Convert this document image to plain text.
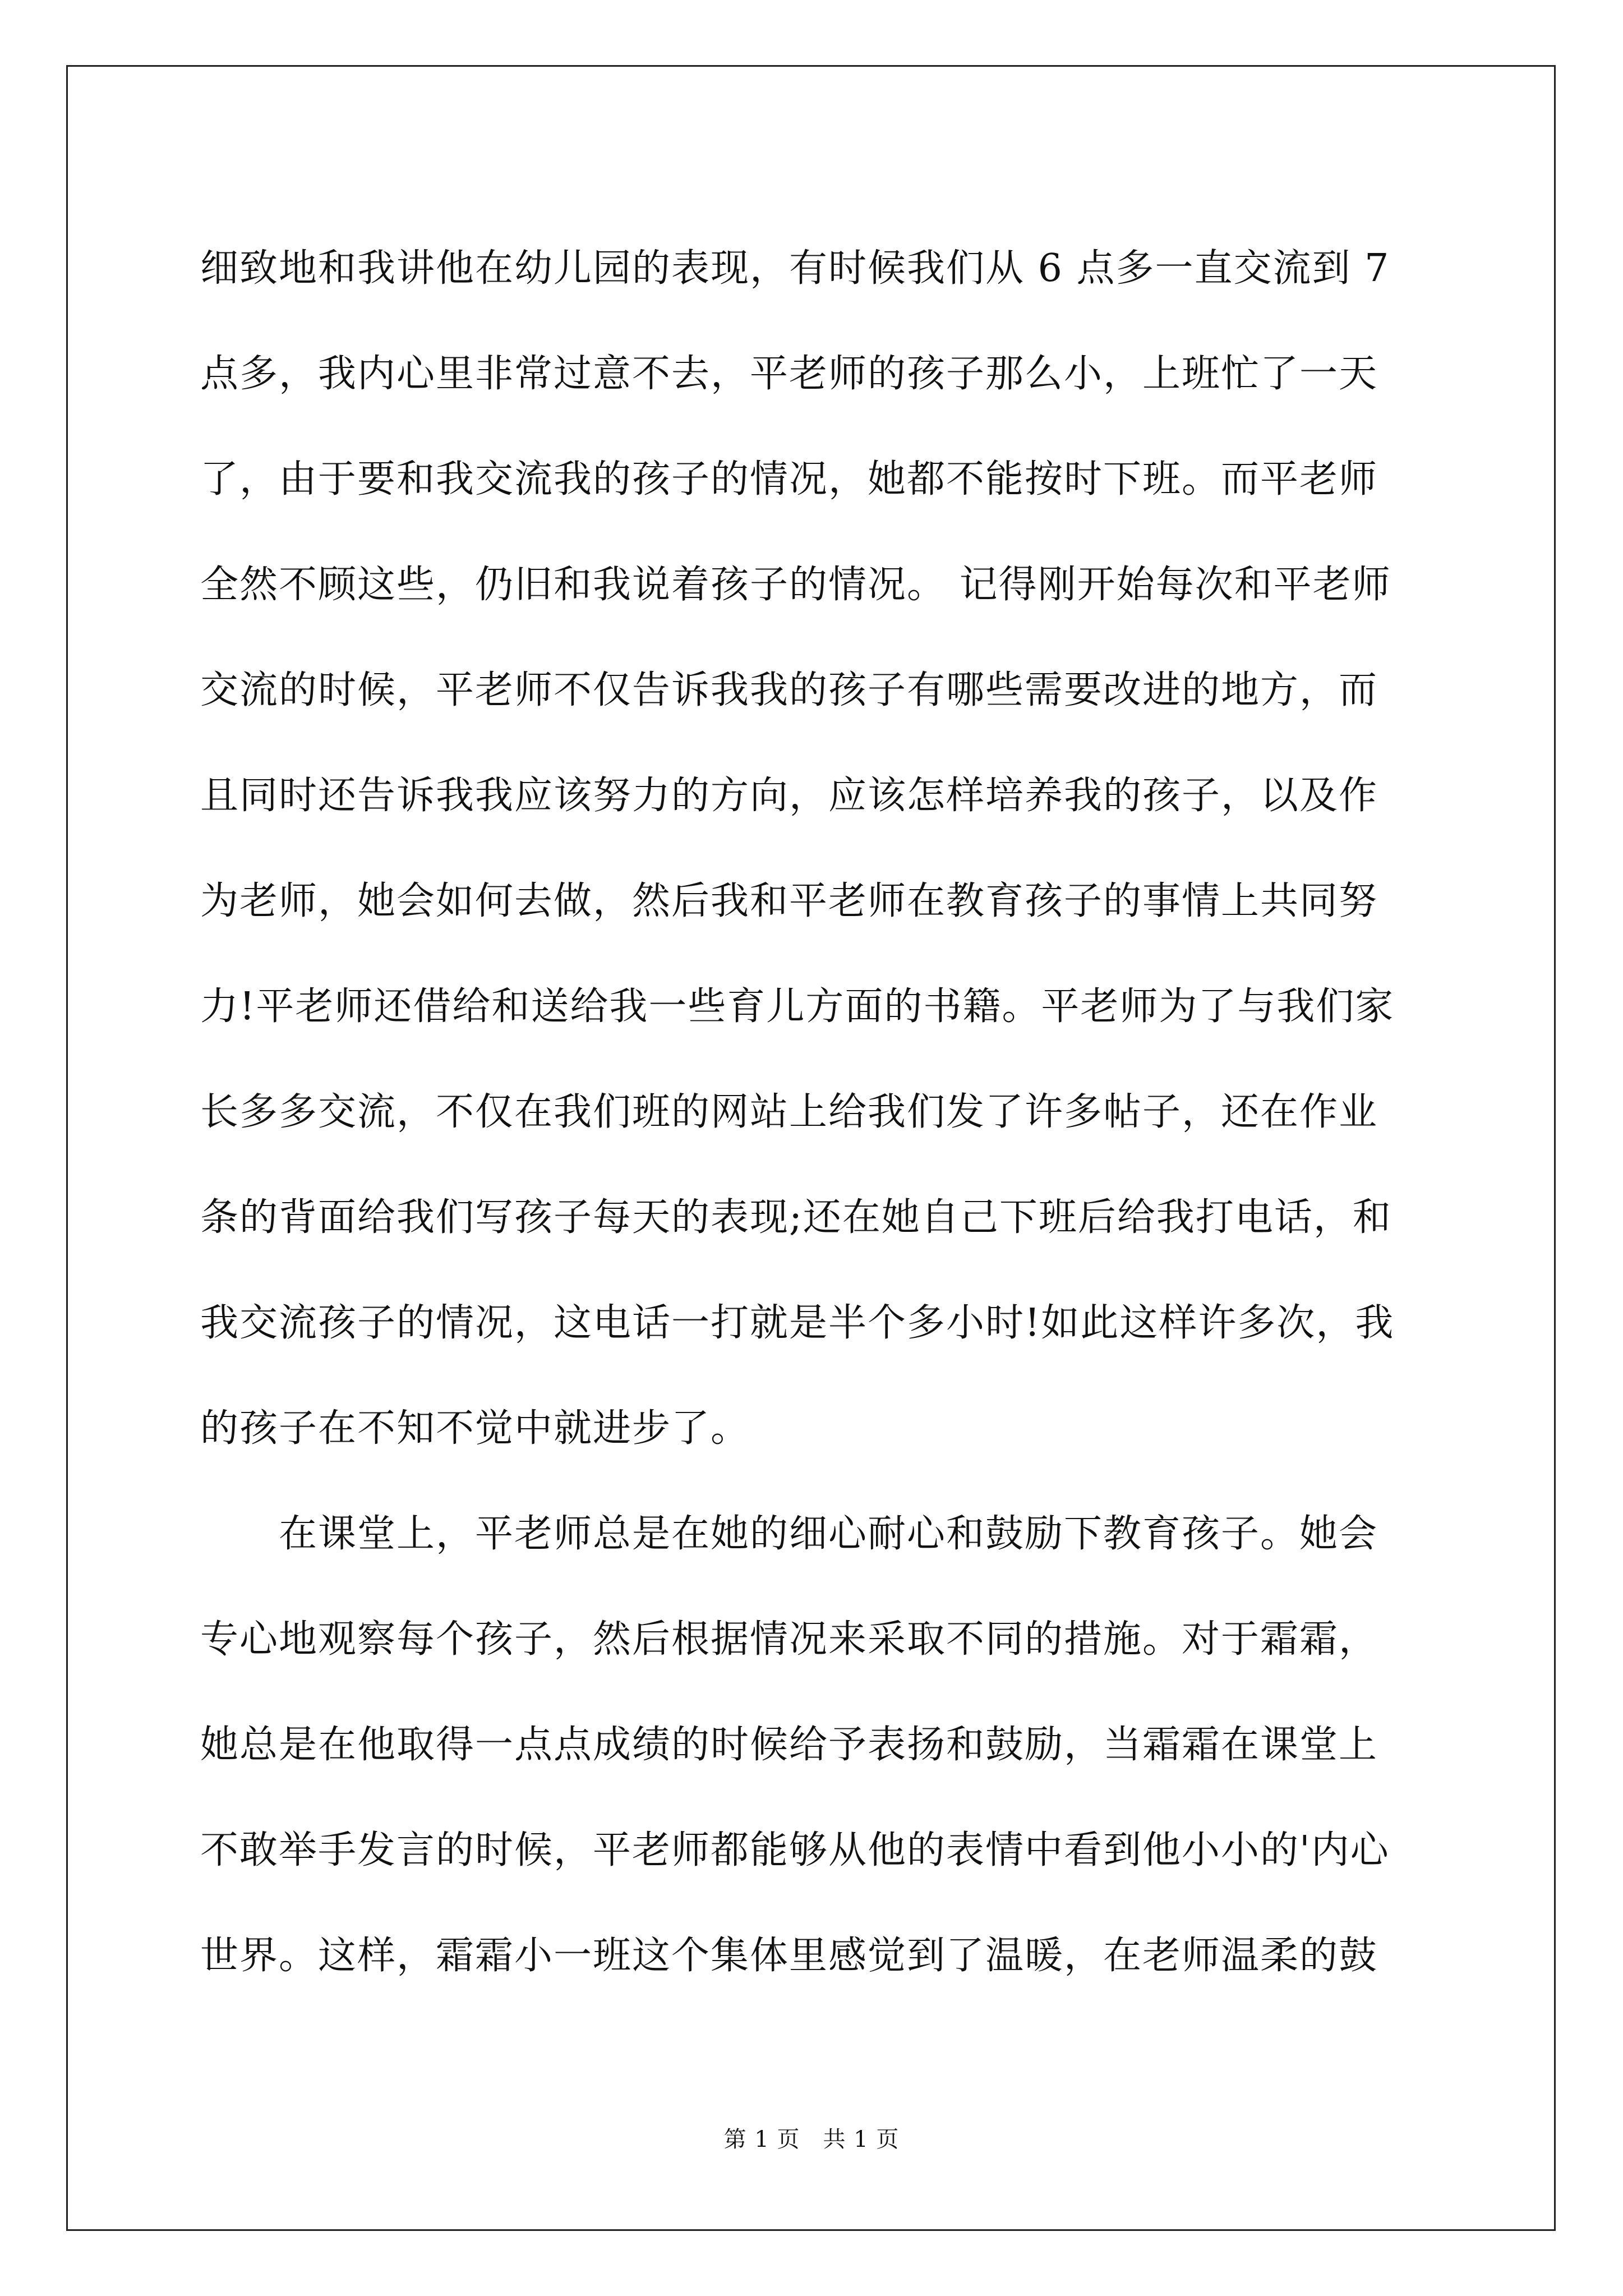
细致地和我讲他在幼儿园的表现，有时候我们从 6 点多一直交流到 7
点多，我内心里非常过意不去，平老师的孩子那么小，上班忙了一天
了，由于要和我交流我的孩子的情况，她都不能按时下班。而平老师
全然不顾这些，仍旧和我说着孩子的情况。 记得刚开始每次和平老师
交流的时候，平老师不仅告诉我我的孩子有哪些需要改进的地方，而
且同时还告诉我我应该努力的方向，应该怎样培养我的孩子，以及作
为老师，她会如何去做，然后我和平老师在教育孩子的事情上共同努
力!平老师还借给和送给我一些育儿方面的书籍。平老师为了与我们家
长多多交流，不仅在我们班的网站上给我们发了许多帖子，还在作业
条的背面给我们写孩子每天的表现;还在她自己下班后给我打电话，和
我交流孩子的情况，这电话一打就是半个多小时!如此这样许多次，我
的孩子在不知不觉中就进步了。

在课堂上，平老师总是在她的细心耐心和鼓励下教育孩子。她会
专心地观察每个孩子，然后根据情况来采取不同的措施。对于霜霜，
她总是在他取得一点点成绩的时候给予表扬和鼓励，当霜霜在课堂上
不敢举手发言的时候，平老师都能够从他的表情中看到他小小的'内心
世界。这样，霜霜小一班这个集体里感觉到了温暖，在老师温柔的鼓

第 1 页　共 1 页
